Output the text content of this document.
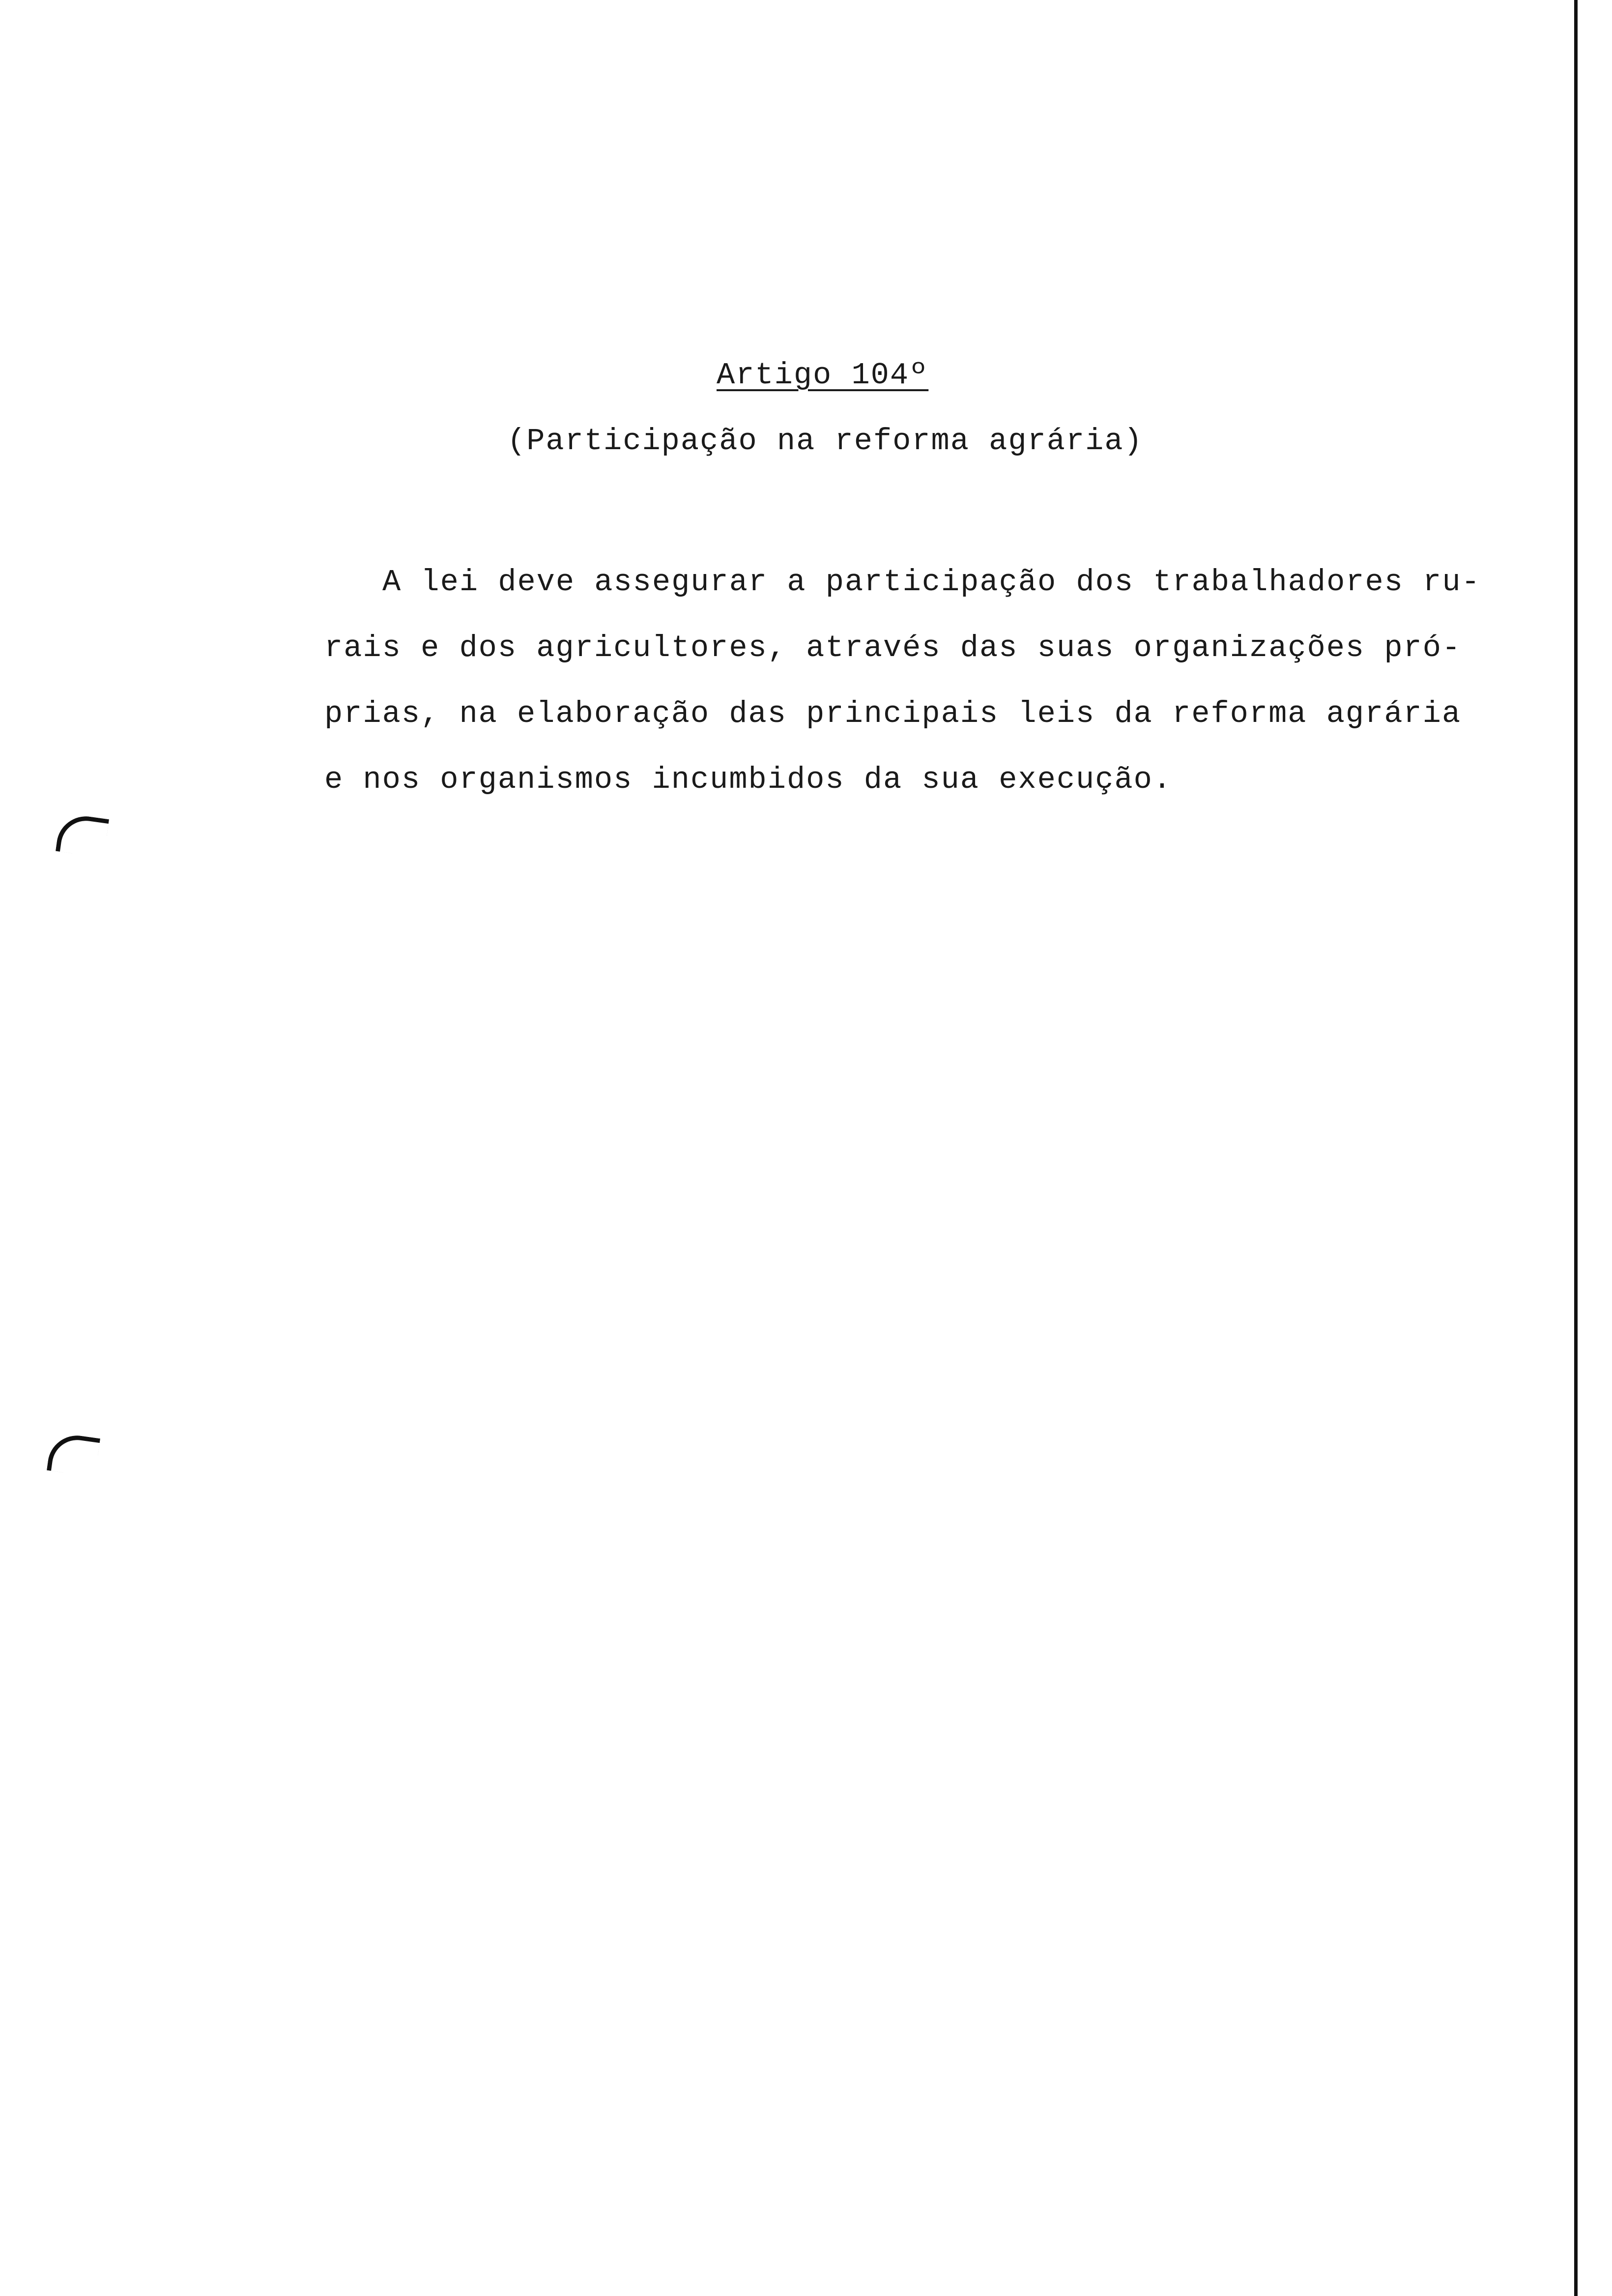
Artigo 104º
(Participação na reforma agrária)
A lei deve assegurar a participação dos trabalhadores ru-
rais e dos agricultores, através das suas organizações pró-
prias, na elaboração das principais leis da reforma agrária
e nos organismos incumbidos da sua execução.
